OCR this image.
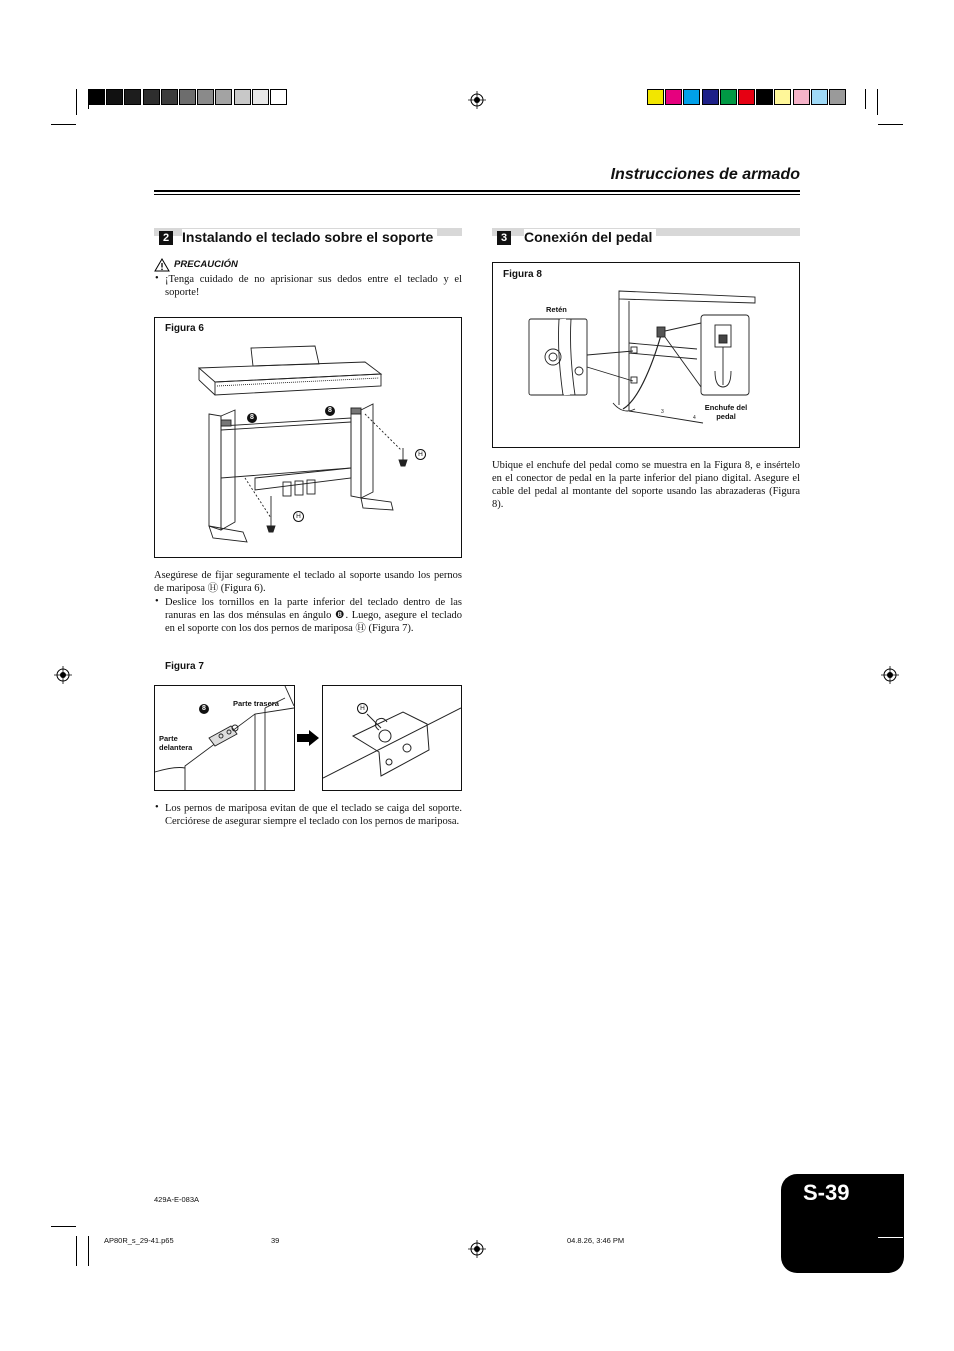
Instrucciones de armado
2 Instalando el teclado sobre el soporte
PRECAUCIÓN
• ¡Tenga cuidado de no aprisionar sus dedos entre el teclado y el soporte!
Figura 6
8
8
H
H
Asegúrese de fijar seguramente el teclado al soporte usando los pernos de mariposa Ⓗ (Figura 6).
• Deslice los tornillos en la parte inferior del teclado dentro de las ranuras en las dos ménsulas en ángulo ❽. Luego, asegure el teclado en el soporte con los dos pernos de mariposa Ⓗ (Figura 7).
Figura 7
8
Parte trasera
Parte delantera
H
• Los pernos de mariposa evitan de que el teclado se caiga del soporte. Cerciórese de asegurar siempre el teclado con los pernos de mariposa.
3 Conexión del pedal
Figura 8
Retén
Enchufe del pedal
3
4
Ubique el enchufe del pedal como se muestra en la Figura 8, e insértelo en el conector de pedal en la parte inferior del piano digital. Asegure el cable del pedal al montante del soporte usando las abrazaderas (Figura 8).
S-39
429A-E-083A
AP80R_s_29-41.p65	39	04.8.26, 3:46 PM
